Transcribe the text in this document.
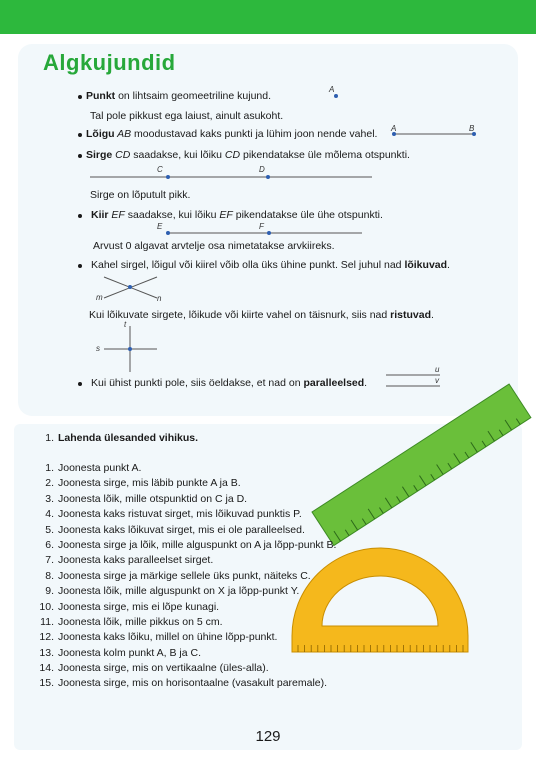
Algkujundid
Punkt on lihtsaim geomeetriline kujund.
Tal pole pikkust ega laiust, ainult asukoht.
Lõigu AB moodustavad kaks punkti ja lühim joon nende vahel.
Sirge CD saadakse, kui lõiku CD pikendatakse üle mõlema otspunkti.
Sirge on lõputult pikk.
Kiir EF saadakse, kui lõiku EF pikendatakse üle ühe otspunkti.
Arvust 0 algavat arvtelje osa nimetatakse arvkiireks.
Kahel sirgel, lõigul või kiirel võib olla üks ühine punkt. Sel juhul nad lõikuvad.
Kui lõikuvate sirgete, lõikude või kiirte vahel on täisnurk, siis nad ristuvad.
Kui ühist punkti pole, siis öeldakse, et nad on paralleelsed.
A
A	B
C	D
E	F
m	n
t
s
u
v
1. Lahenda ülesanded vihikus.
1. Joonesta punkt A.
2. Joonesta sirge, mis läbib punkte A ja B.
3. Joonesta lõik, mille otspunktid on C ja D.
4. Joonesta kaks ristuvat sirget, mis lõikuvad punktis P.
5. Joonesta kaks lõikuvat sirget, mis ei ole paralleelsed.
6. Joonesta sirge ja lõik, mille alguspunkt on A ja lõpp-punkt B.
7. Joonesta kaks paralleelset sirget.
8. Joonesta sirge ja märkige sellele üks punkt, näiteks C.
9. Joonesta lõik, mille alguspunkt on X ja lõpp-punkt Y.
10. Joonesta sirge, mis ei lõpe kunagi.
11. Joonesta lõik, mille pikkus on 5 cm.
12. Joonesta kaks lõiku, millel on ühine lõpp-punkt.
13. Joonesta kolm punkt A, B ja C.
14. Joonesta sirge, mis on vertikaalne (üles-alla).
15. Joonesta sirge, mis on horisontaalne (vasakult paremale).
129
